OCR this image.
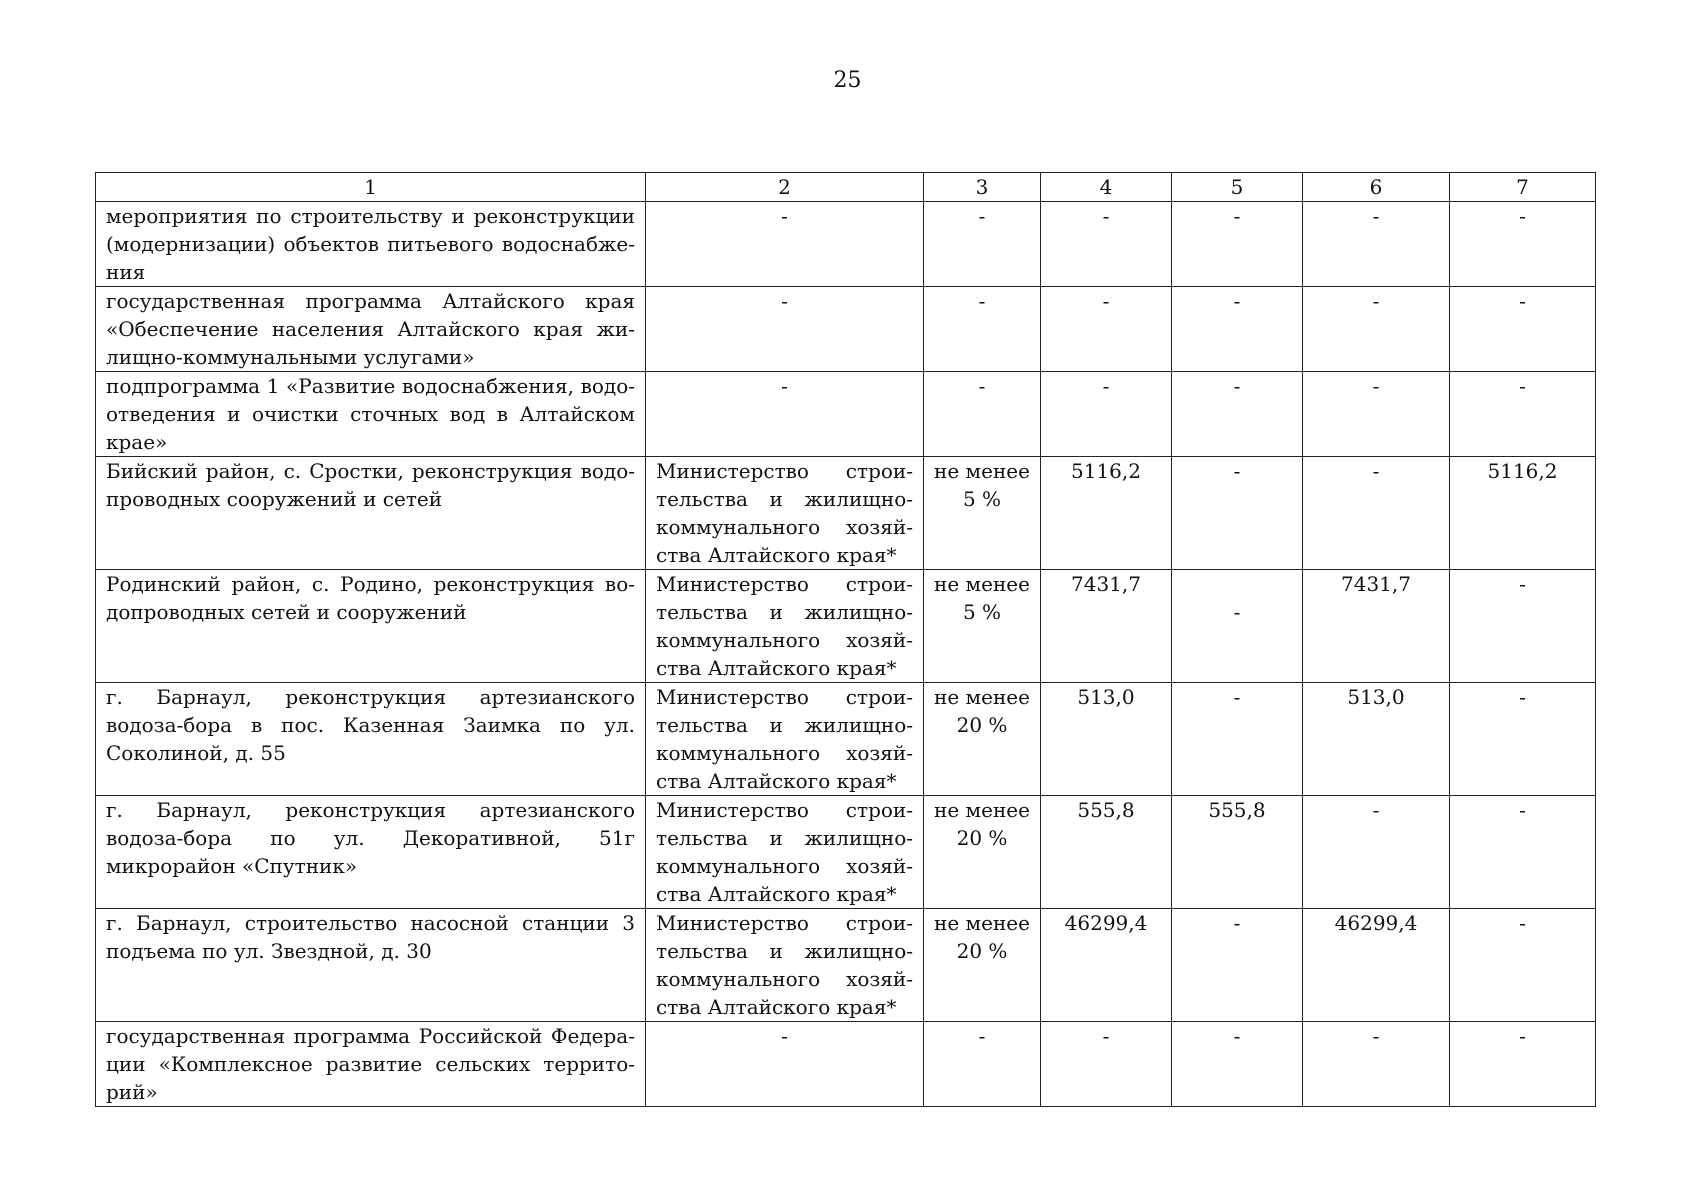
25
1	2	3	4	5	6	7
мероприятия по строительству и реконструкции (модернизации) объектов питьевого водоснабже-ния	-	-	-	-	-	-
государственная программа Алтайского края «Обеспечение населения Алтайского края жи-лищно-коммунальными услугами»	-	-	-	-	-	-
подпрограмма 1 «Развитие водоснабжения, водо-отведения и очистки сточных вод в Алтайском крае»	-	-	-	-	-	-
Бийский район, с. Сростки, реконструкция водо-проводных сооружений и сетей	Министерство строи-тельства и жилищно-коммунального хозяй-ства Алтайского края*	не менее 5 %	5116,2	-	-	5116,2
Родинский район, с. Родино, реконструкция во-допроводных сетей и сооружений	Министерство строи-тельства и жилищно-коммунального хозяй-ства Алтайского края*	не менее 5 %	7431,7	-	7431,7	-
г. Барнаул, реконструкция артезианского водоза-бора в пос. Казенная Заимка по ул. Соколиной, д. 55	Министерство строи-тельства и жилищно-коммунального хозяй-ства Алтайского края*	не менее 20 %	513,0	-	513,0	-
г. Барнаул, реконструкция артезианского водоза-бора по ул. Декоративной, 51г микрорайон «Спутник»	Министерство строи-тельства и жилищно-коммунального хозяй-ства Алтайского края*	не менее 20 %	555,8	555,8	-	-
г. Барнаул, строительство насосной станции 3 подъема по ул. Звездной, д. 30	Министерство строи-тельства и жилищно-коммунального хозяй-ства Алтайского края*	не менее 20 %	46299,4	-	46299,4	-
государственная программа Российской Федера-ции «Комплексное развитие сельских террито-рий»	-	-	-	-	-	-
